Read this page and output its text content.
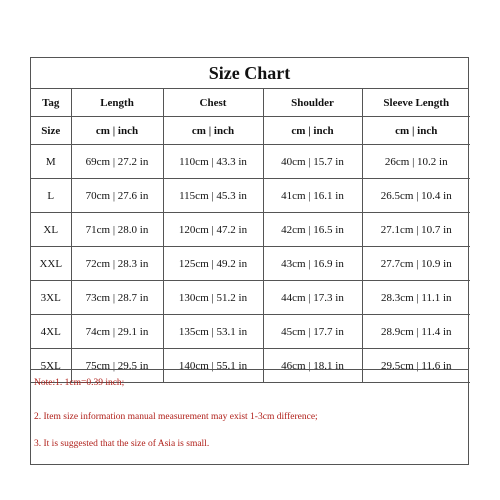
Size Chart
Tag	Length	Chest	Shoulder	Sleeve Length
Size	cm | inch	cm | inch	cm | inch	cm | inch
M	69cm | 27.2 in	110cm | 43.3 in	40cm | 15.7 in	26cm | 10.2 in
L	70cm | 27.6 in	115cm | 45.3 in	41cm | 16.1 in	26.5cm | 10.4 in
XL	71cm | 28.0 in	120cm | 47.2 in	42cm | 16.5 in	27.1cm | 10.7 in
XXL	72cm | 28.3 in	125cm | 49.2 in	43cm | 16.9 in	27.7cm | 10.9 in
3XL	73cm | 28.7 in	130cm | 51.2 in	44cm | 17.3 in	28.3cm | 11.1 in
4XL	74cm | 29.1 in	135cm | 53.1 in	45cm | 17.7 in	28.9cm | 11.4 in
5XL	75cm | 29.5 in	140cm | 55.1 in	46cm | 18.1 in	29.5cm | 11.6 in
Note:1. 1cm=0.39 inch;
2. Item size information manual measurement may exist 1-3cm difference;
3. It is suggested that the size of Asia is small.
